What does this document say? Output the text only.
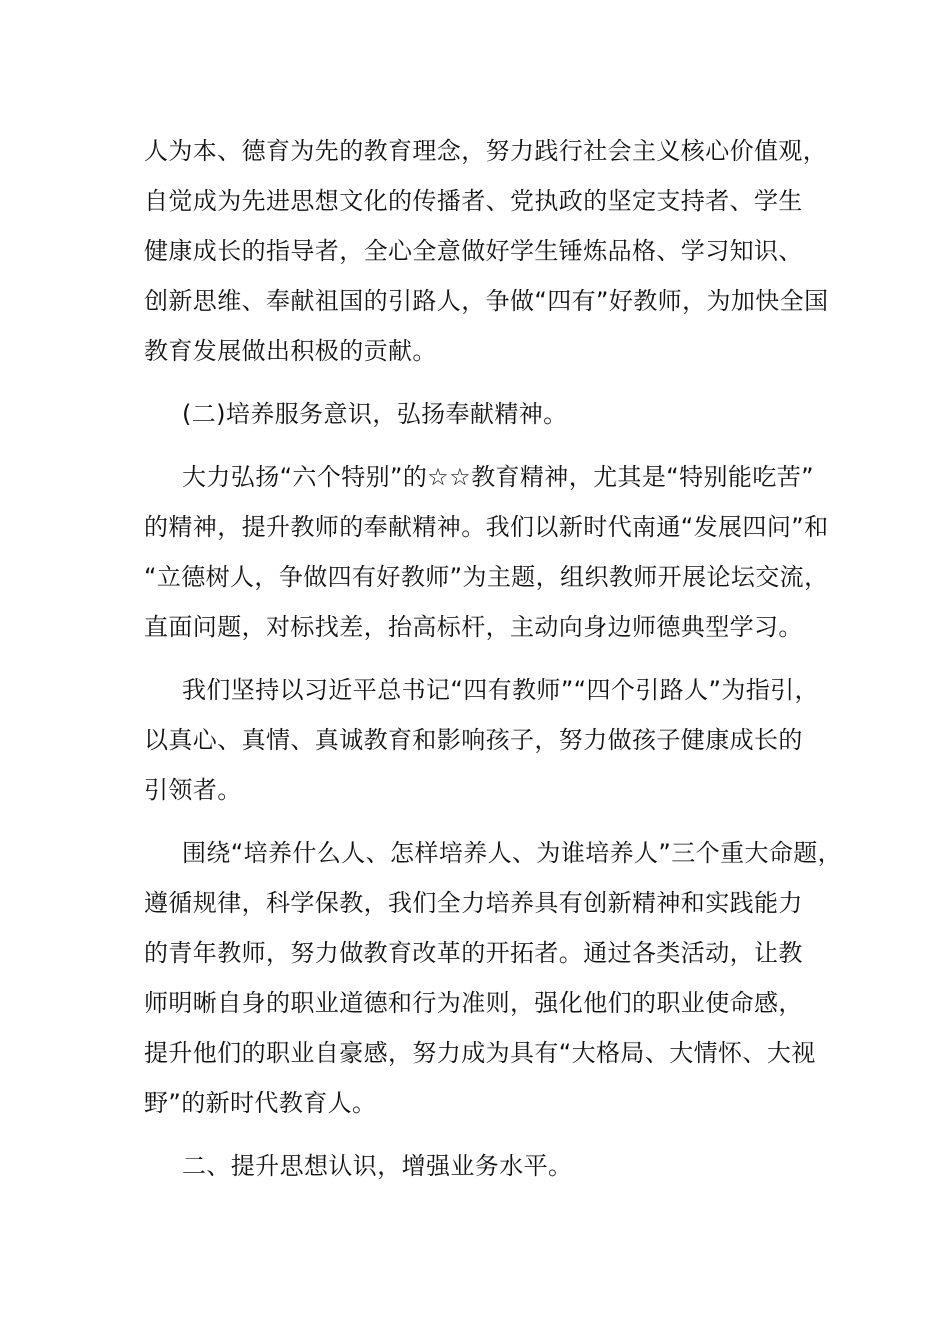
人为本、德育为先的教育理念，努力践行社会主义核心价值观，
自觉成为先进思想文化的传播者、党执政的坚定支持者、学生
健康成长的指导者，全心全意做好学生锤炼品格、学习知识、
创新思维、奉献祖国的引路人，争做“四有”好教师，为加快全国
教育发展做出积极的贡献。
(二)培养服务意识，弘扬奉献精神。
大力弘扬“六个特别”的☆☆教育精神，尤其是“特别能吃苦”
的精神，提升教师的奉献精神。我们以新时代南通“发展四问”和
“立德树人，争做四有好教师”为主题，组织教师开展论坛交流，
直面问题，对标找差，抬高标杆，主动向身边师德典型学习。
我们坚持以习近平总书记“四有教师”“四个引路人”为指引，
以真心、真情、真诚教育和影响孩子，努力做孩子健康成长的
引领者。
围绕“培养什么人、怎样培养人、为谁培养人”三个重大命题，
遵循规律，科学保教，我们全力培养具有创新精神和实践能力
的青年教师，努力做教育改革的开拓者。通过各类活动，让教
师明晰自身的职业道德和行为准则，强化他们的职业使命感，
提升他们的职业自豪感，努力成为具有“大格局、大情怀、大视
野”的新时代教育人。
二、提升思想认识，增强业务水平。
